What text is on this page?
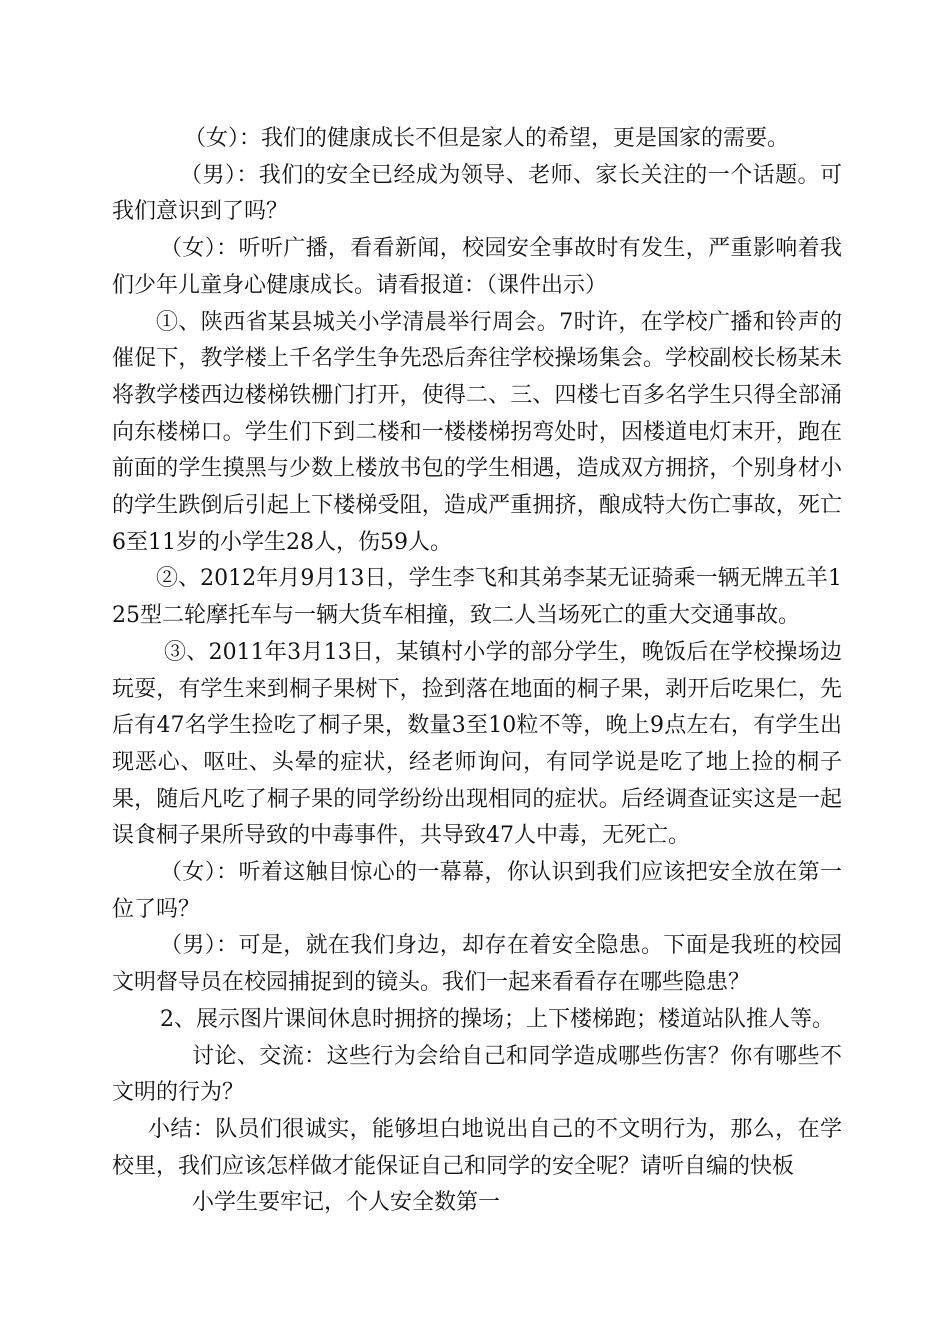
（女）：我们的健康成长不但是家人的希望，更是国家的需要。

（男）：我们的安全已经成为领导、老师、家长关注的一个话题。可我们意识到了吗？

（女）：听听广播，看看新闻，校园安全事故时有发生，严重影响着我们少年儿童身心健康成长。请看报道：（课件出示）

①、陕西省某县城关小学清晨举行周会。7时许，在学校广播和铃声的催促下，教学楼上千名学生争先恐后奔往学校操场集会。学校副校长杨某未将教学楼西边楼梯铁栅门打开，使得二、三、四楼七百多名学生只得全部涌向东楼梯口。学生们下到二楼和一楼楼梯拐弯处时，因楼道电灯末开，跑在前面的学生摸黑与少数上楼放书包的学生相遇，造成双方拥挤，个别身材小的学生跌倒后引起上下楼梯受阻，造成严重拥挤，酿成特大伤亡事故，死亡6至11岁的小学生28人，伤59人。

②、2012年月9月13日，学生李飞和其弟李某无证骑乘一辆无牌五羊125型二轮摩托车与一辆大货车相撞，致二人当场死亡的重大交通事故。

③、2011年3月13日，某镇村小学的部分学生，晚饭后在学校操场边玩耍，有学生来到桐子果树下，捡到落在地面的桐子果，剥开后吃果仁，先后有47名学生捡吃了桐子果，数量3至10粒不等，晚上9点左右，有学生出现恶心、呕吐、头晕的症状，经老师询问，有同学说是吃了地上捡的桐子果，随后凡吃了桐子果的同学纷纷出现相同的症状。后经调查证实这是一起误食桐子果所导致的中毒事件，共导致47人中毒，无死亡。

（女）：听着这触目惊心的一幕幕，你认识到我们应该把安全放在第一位了吗？

（男）：可是，就在我们身边，却存在着安全隐患。下面是我班的校园文明督导员在校园捕捉到的镜头。我们一起来看看存在哪些隐患？

2、展示图片课间休息时拥挤的操场；上下楼梯跑；楼道站队推人等。

讨论、交流：这些行为会给自己和同学造成哪些伤害？你有哪些不文明的行为？

小结：队员们很诚实，能够坦白地说出自己的不文明行为，那么，在学校里，我们应该怎样做才能保证自己和同学的安全呢？请听自编的快板

小学生要牢记，个人安全数第一
